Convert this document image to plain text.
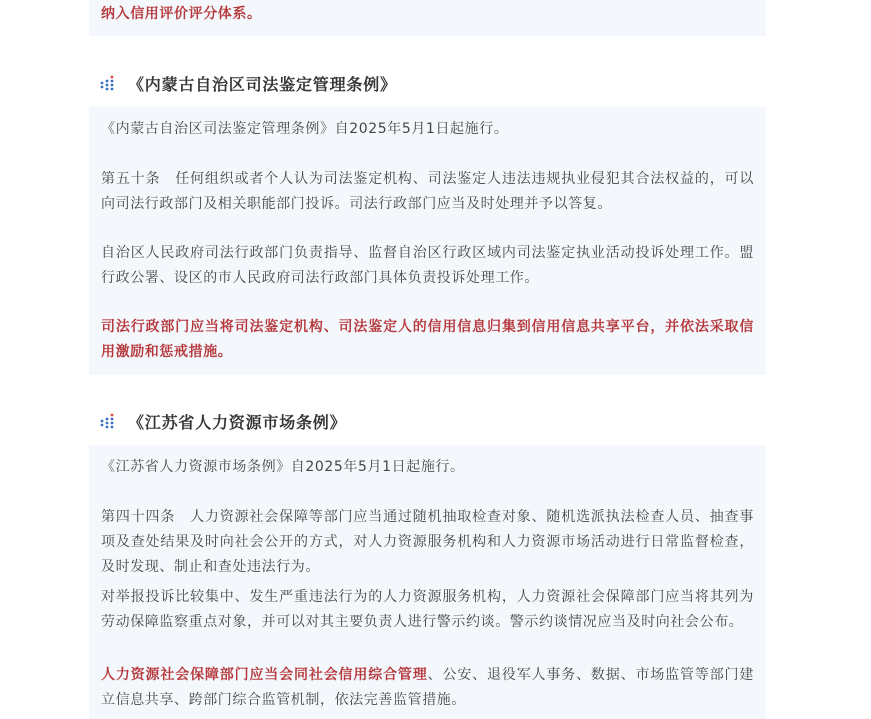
纳入信用评价评分体系。

《内蒙古自治区司法鉴定管理条例》

《内蒙古自治区司法鉴定管理条例》自2025年5月1日起施行。

第五十条　任何组织或者个人认为司法鉴定机构、司法鉴定人违法违规执业侵犯其合法权益的，可以向司法行政部门及相关职能部门投诉。司法行政部门应当及时处理并予以答复。

自治区人民政府司法行政部门负责指导、监督自治区行政区域内司法鉴定执业活动投诉处理工作。盟行政公署、设区的市人民政府司法行政部门具体负责投诉处理工作。

司法行政部门应当将司法鉴定机构、司法鉴定人的信用信息归集到信用信息共享平台，并依法采取信用激励和惩戒措施。

《江苏省人力资源市场条例》

《江苏省人力资源市场条例》自2025年5月1日起施行。

第四十四条　人力资源社会保障等部门应当通过随机抽取检查对象、随机选派执法检查人员、抽查事项及查处结果及时向社会公开的方式，对人力资源服务机构和人力资源市场活动进行日常监督检查，及时发现、制止和查处违法行为。

对举报投诉比较集中、发生严重违法行为的人力资源服务机构，人力资源社会保障部门应当将其列为劳动保障监察重点对象，并可以对其主要负责人进行警示约谈。警示约谈情况应当及时向社会公布。

人力资源社会保障部门应当会同社会信用综合管理、公安、退役军人事务、数据、市场监管等部门建立信息共享、跨部门综合监管机制，依法完善监管措施。
